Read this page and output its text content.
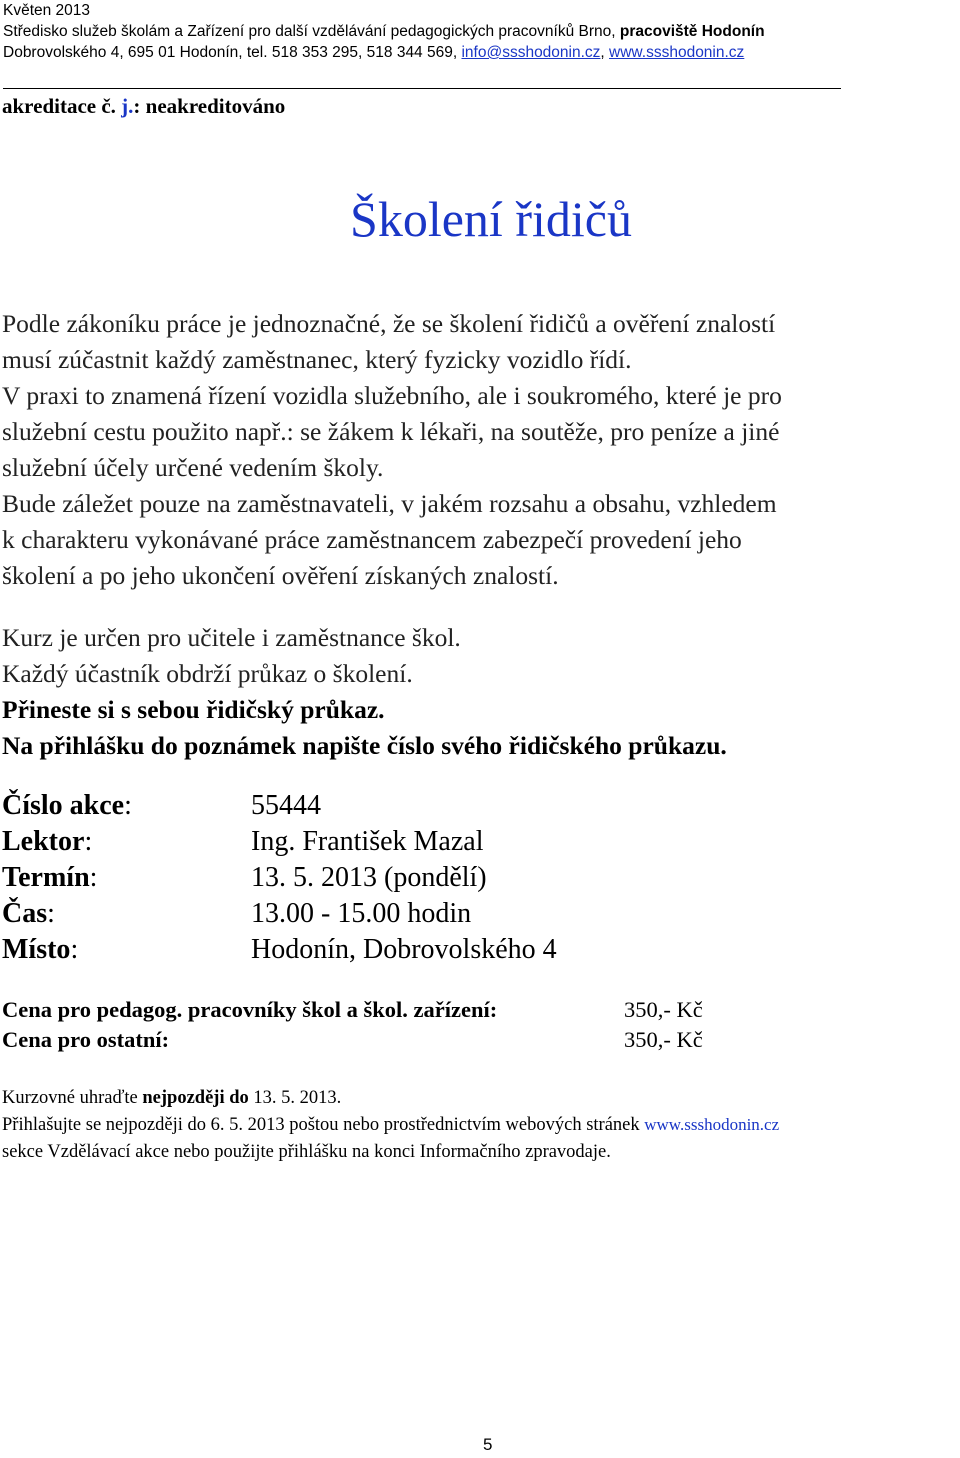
Květen 2013
Středisko služeb školám a Zařízení pro další vzdělávání pedagogických pracovníků Brno, pracoviště Hodonín
Dobrovolského 4, 695 01 Hodonín, tel. 518 353 295, 518 344 569, info@ssshodonin.cz, www.ssshodonin.cz
akreditace č. j.: neakreditováno
Školení řidičů
Podle zákoníku práce je jednoznačné, že se školení řidičů a ověření znalostí
musí zúčastnit každý zaměstnanec, který fyzicky vozidlo řídí.
V praxi to znamená řízení vozidla služebního, ale i soukromého, které je pro
služební cestu použito např.: se žákem k lékaři, na soutěže, pro peníze a jiné
služební účely určené vedením školy.
Bude záležet pouze na zaměstnavateli, v jakém rozsahu a obsahu, vzhledem
k charakteru vykonávané práce zaměstnancem zabezpečí provedení jeho
školení a po jeho ukončení ověření získaných znalostí.
Kurz je určen pro učitele i zaměstnance škol.
Každý účastník obdrží průkaz o školení.
Přineste si s sebou řidičský průkaz.
Na přihlášku do poznámek napište číslo svého řidičského průkazu.
Číslo akce:	55444
Lektor:	Ing. František Mazal
Termín:	13. 5. 2013 (pondělí)
Čas:	13.00 - 15.00 hodin
Místo:	Hodonín, Dobrovolského 4
Cena pro pedagog. pracovníky škol a škol. zařízení:	350,- Kč
Cena pro ostatní:	350,- Kč
Kurzovné uhraďte nejpozději do 13. 5. 2013.
Přihlašujte se nejpozději do 6. 5. 2013 poštou nebo prostřednictvím webových stránek www.ssshodonin.cz
sekce Vzdělávací akce nebo použijte přihlášku na konci Informačního zpravodaje.
5
